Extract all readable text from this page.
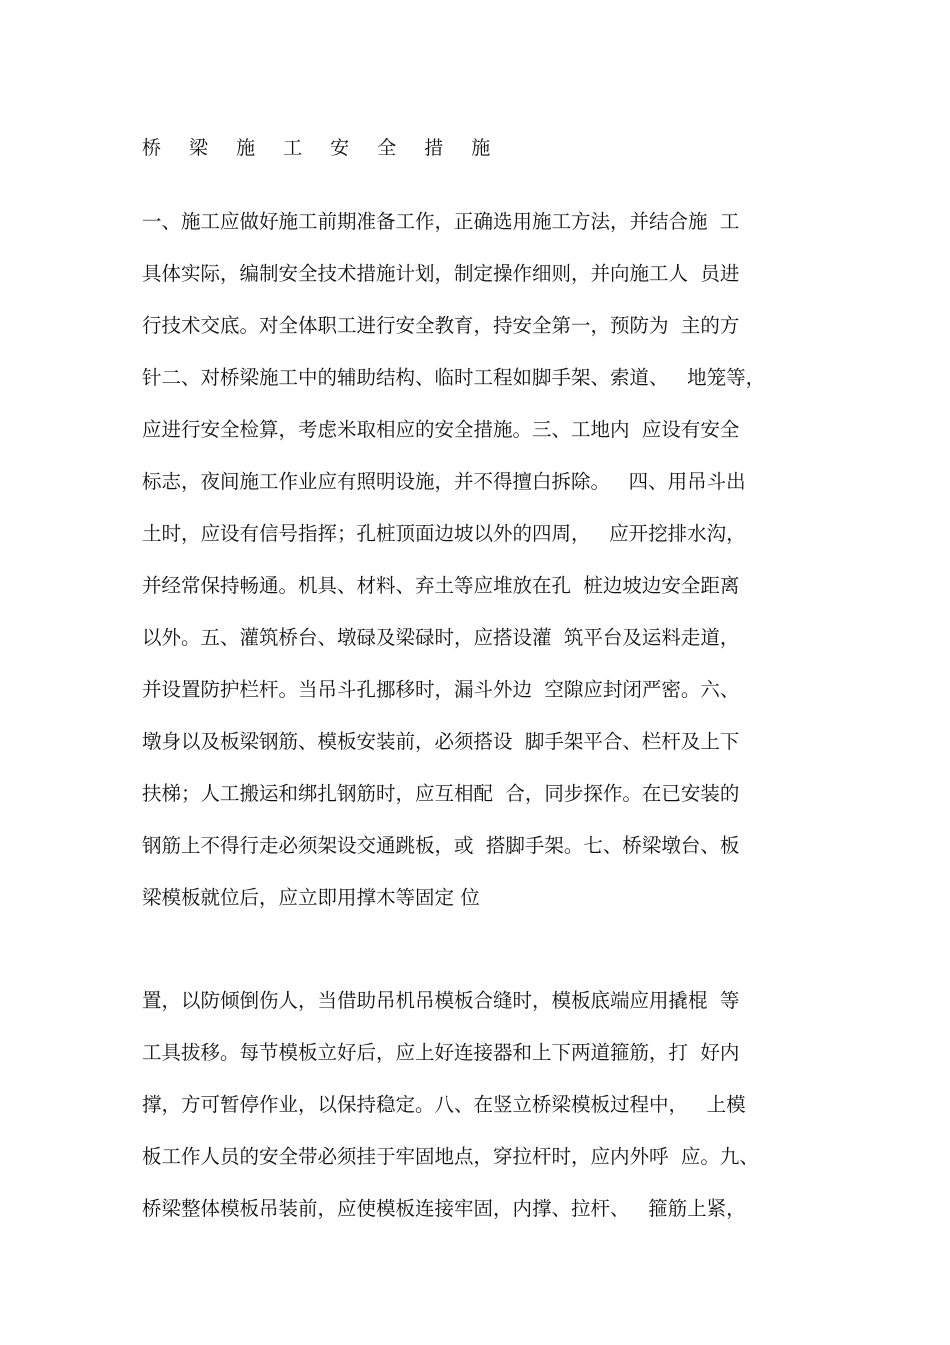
桥 梁 施 工 安 全 措 施
一、施工应做好施工前期准备工作，正确选用施工方法，并结合施  工
具体实际，编制安全技术措施计划，制定操作细则，并向施工人  员进
行技术交底。对全体职工进行安全教育，持安全第一，预防为  主的方
针二、对桥梁施工中的辅助结构、临时工程如脚手架、索道、   地笼等，
应进行安全检算，考虑米取相应的安全措施。三、工地内  应设有安全
标志，夜间施工作业应有照明设施，并不得擅白拆除。   四、用吊斗出
土时，应设有信号指挥；孔桩顶面边坡以外的四周，   应开挖排水沟，
并经常保持畅通。机具、材料、弃土等应堆放在孔  桩边坡边安全距离
以外。五、灌筑桥台、墩碌及梁碌时，应搭设灌  筑平台及运料走道，
并设置防护栏杆。当吊斗孔挪移时，漏斗外边  空隙应封闭严密。六、
墩身以及板梁钢筋、模板安装前，必须搭设  脚手架平合、栏杆及上下
扶梯；人工搬运和绑扎钢筋时，应互相配  合，同步探作。在已安装的
钢筋上不得行走必须架设交通跳板，或  搭脚手架。七、桥梁墩台、板
梁模板就位后，应立即用撑木等固定 位
置，以防倾倒伤人，当借助吊机吊模板合缝时，模板底端应用撬棍  等
工具拔移。每节模板立好后，应上好连接器和上下两道箍筋，打  好内
撑，方可暂停作业，以保持稳定。八、在竖立桥梁模板过程中，   上模
板工作人员的安全带必须挂于牢固地点，穿拉杆时，应内外呼  应。九、
桥梁整体模板吊装前，应使模板连接牢固，内撑、拉杆、   箍筋上紧，
